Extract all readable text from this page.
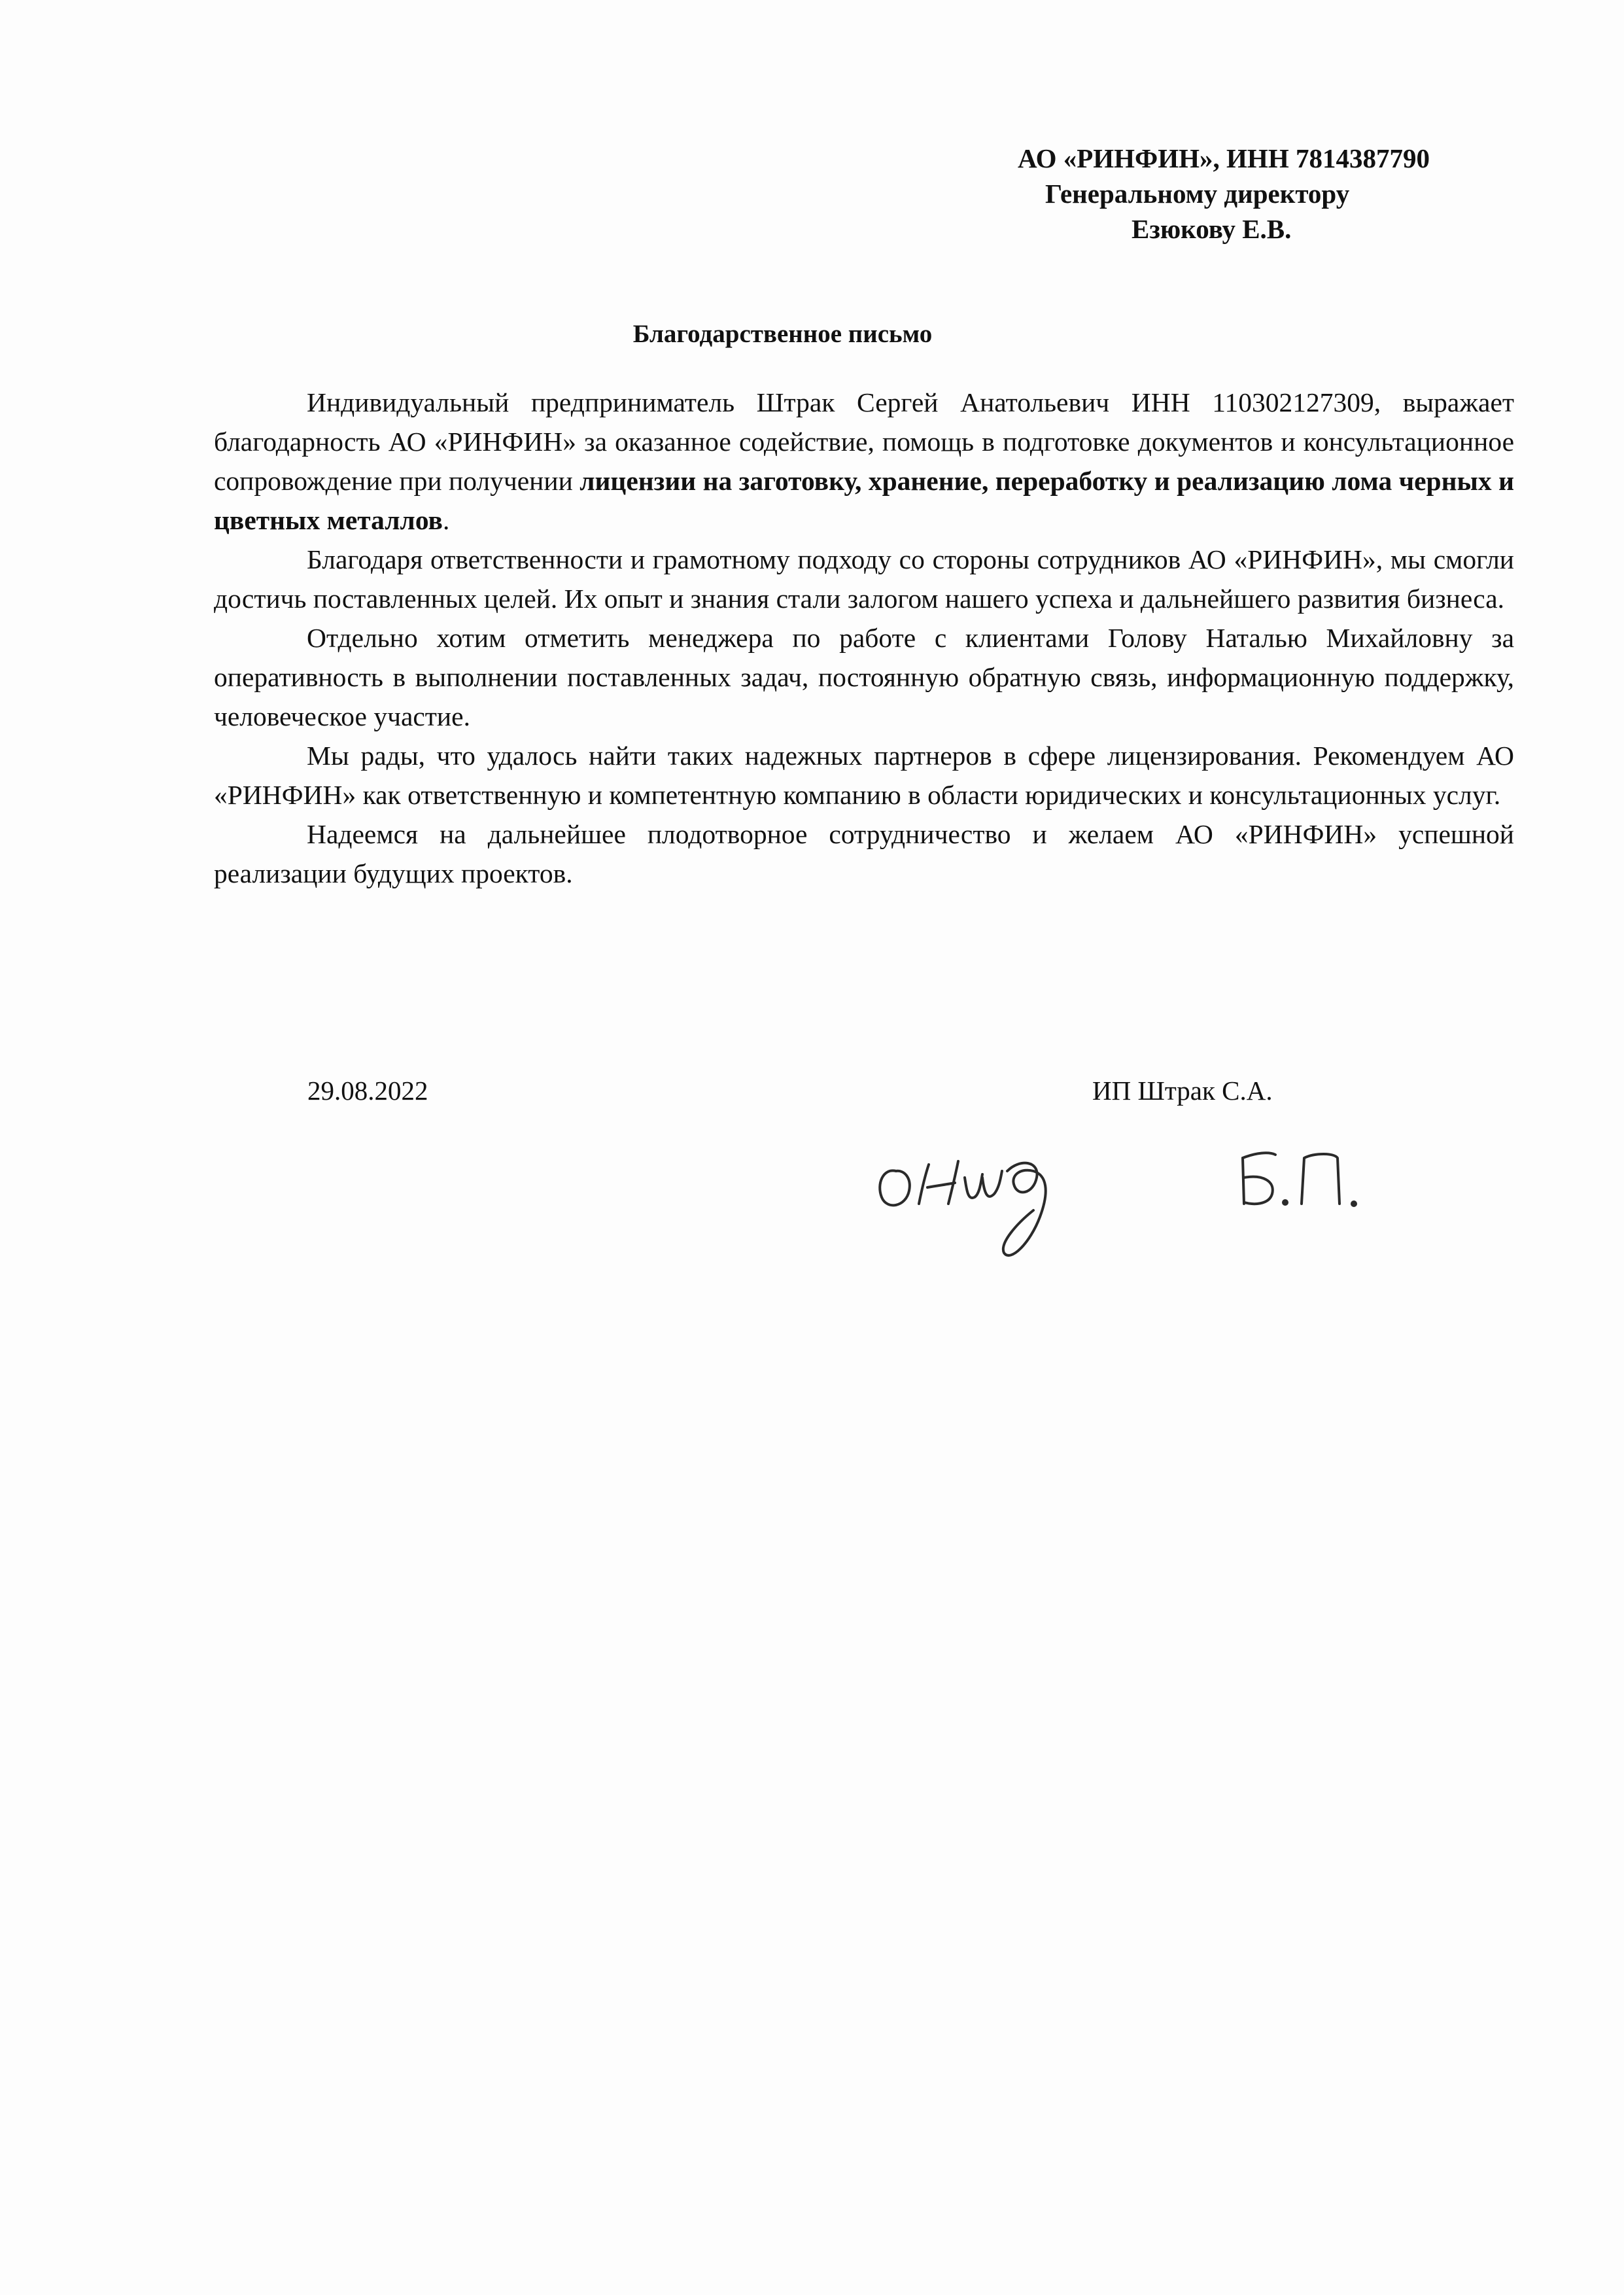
АО «РИНФИН», ИНН 7814387790
Генеральному директору
Езюкову Е.В.
Благодарственное письмо

Индивидуальный предприниматель Штрак Сергей Анатольевич ИНН 110302127309, выражает благодарность АО «РИНФИН» за оказанное содействие, помощь в подготовке документов и консультационное сопровождение при получении лицензии на заготовку, хранение, переработку и реализацию лома черных и цветных металлов.

Благодаря ответственности и грамотному подходу со стороны сотрудников АО «РИНФИН», мы смогли достичь поставленных целей. Их опыт и знания стали залогом нашего успеха и дальнейшего развития бизнеса.

Отдельно хотим отметить менеджера по работе с клиентами Голову Наталью Михайловну за оперативность в выполнении поставленных задач, постоянную обратную связь, информационную поддержку, человеческое участие.

Мы рады, что удалось найти таких надежных партнеров в сфере лицензирования. Рекомендуем АО «РИНФИН» как ответственную и компетентную компанию в области юридических и консультационных услуг.

Надеемся на дальнейшее плодотворное сотрудничество и желаем АО «РИНФИН» успешной реализации будущих проектов.

29.08.2022	ИП Штрак С.А.
